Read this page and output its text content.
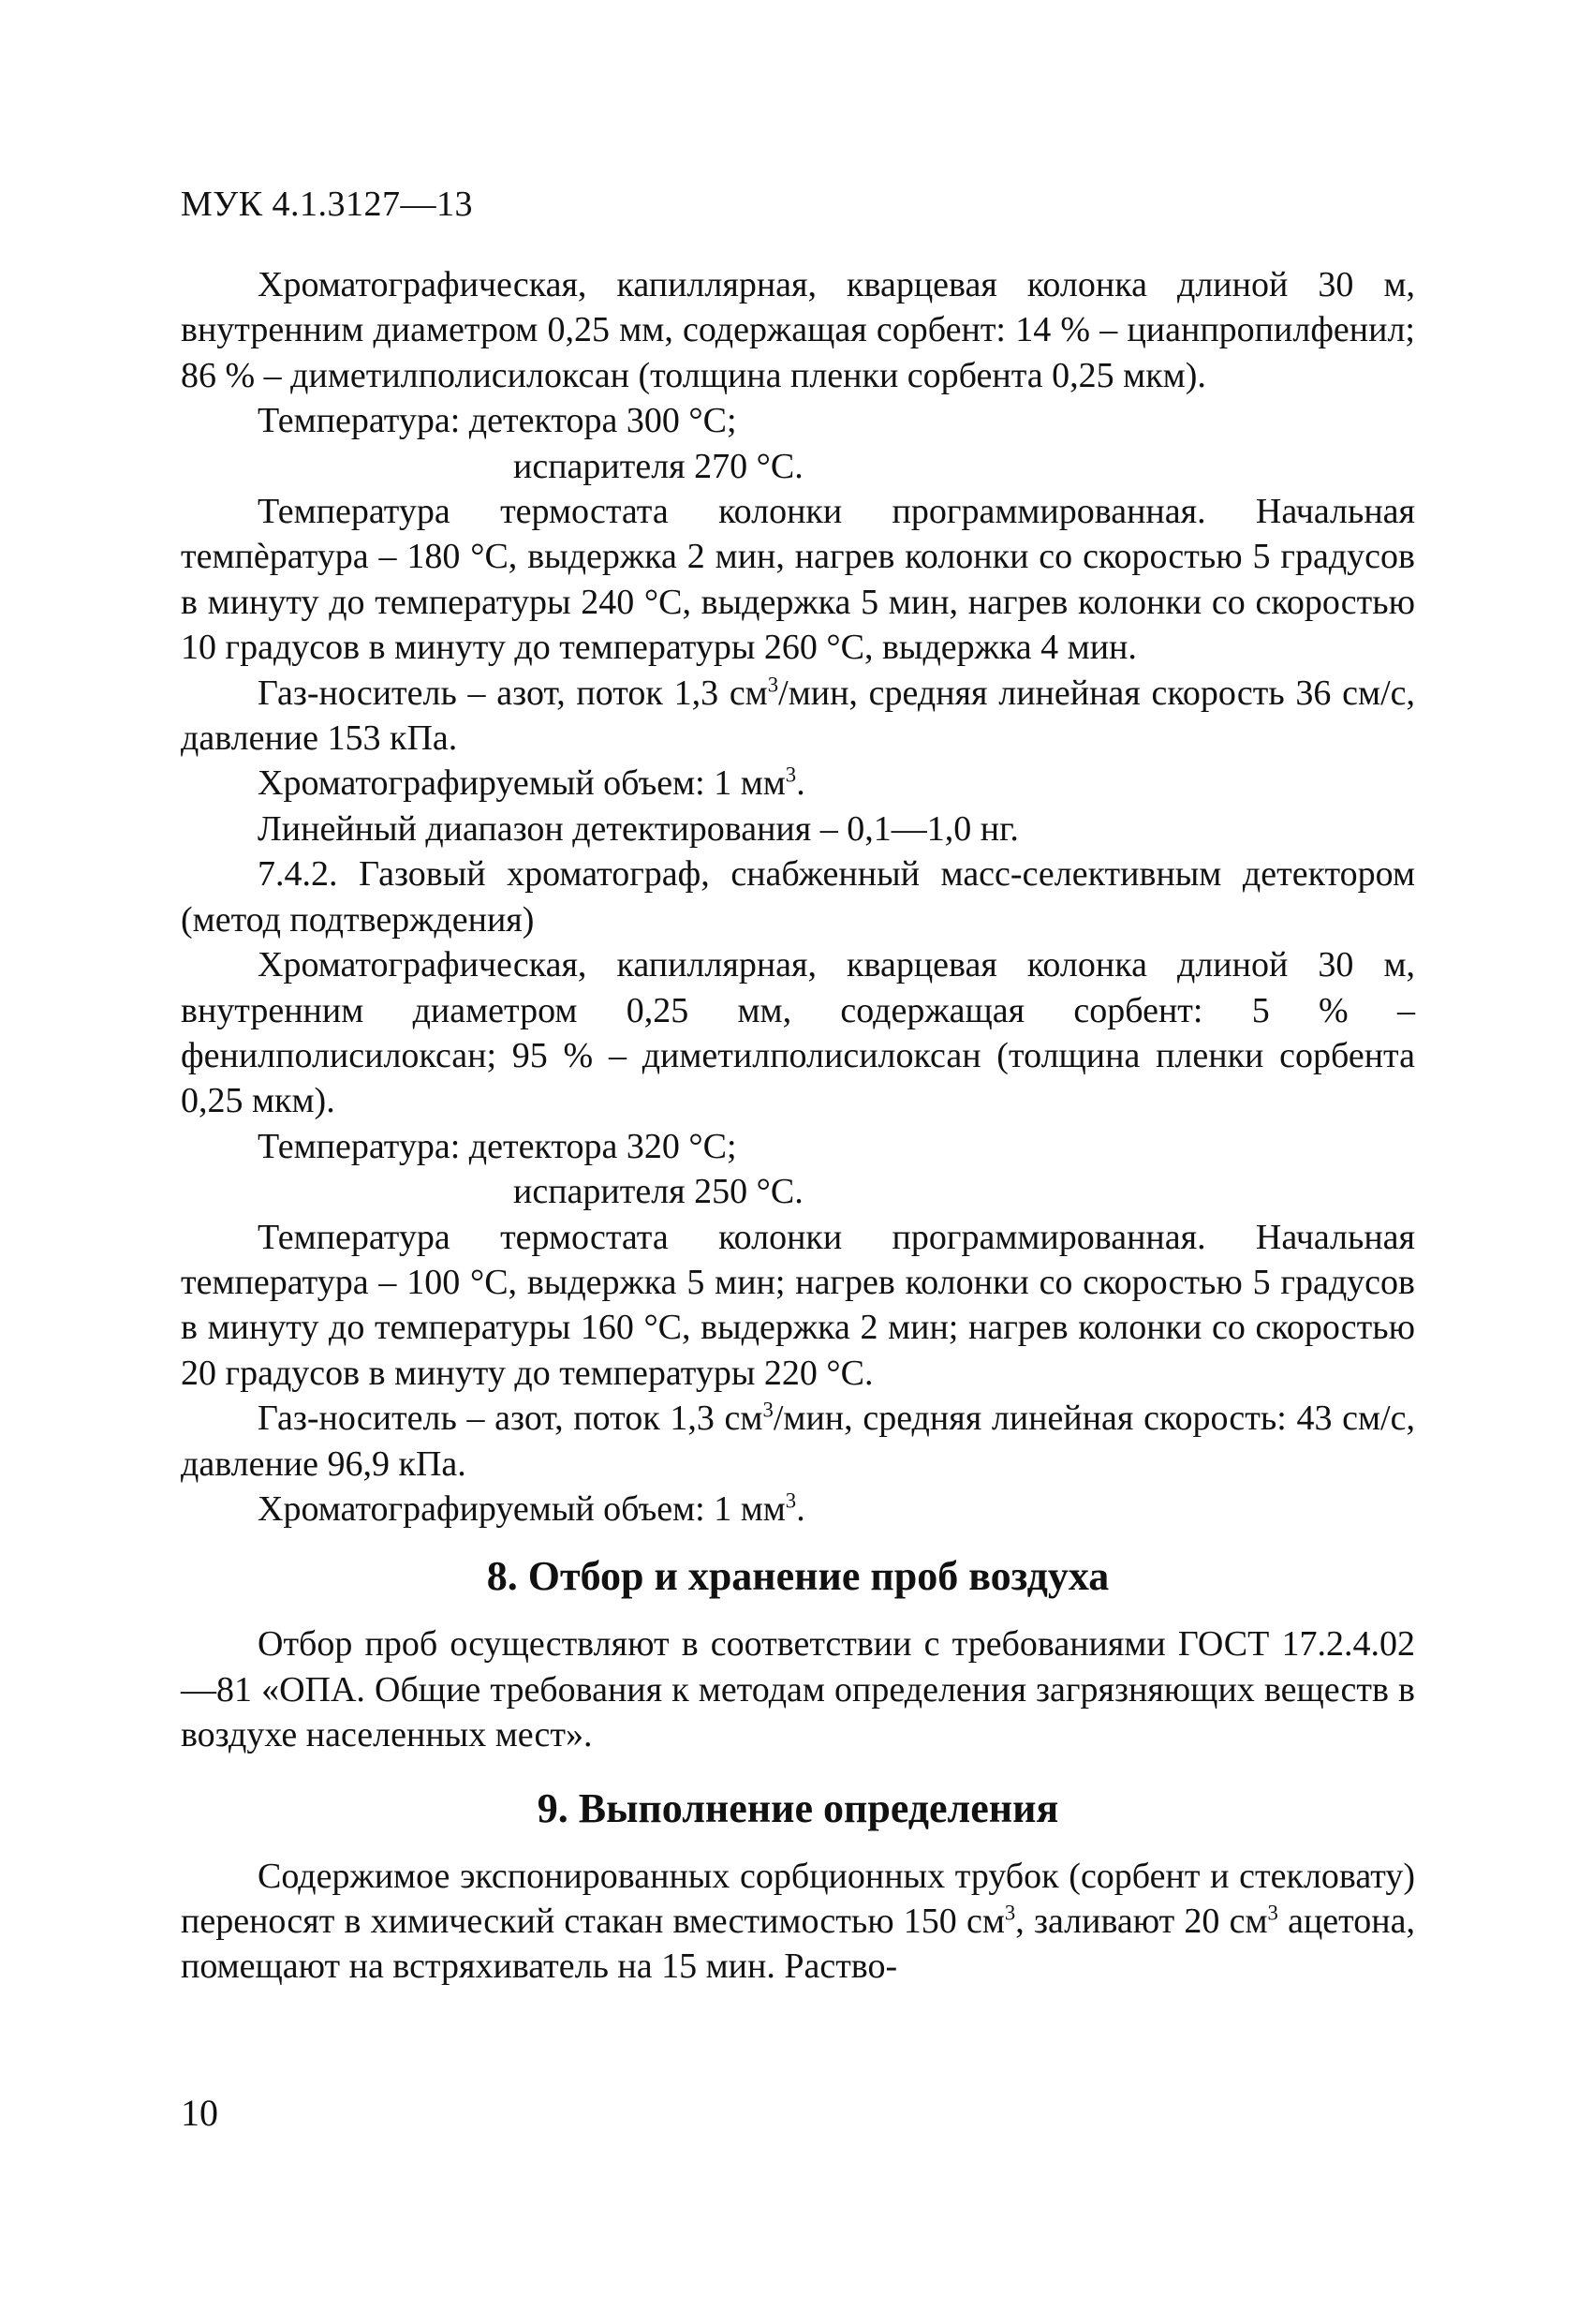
МУК 4.1.3127—13

Хроматографическая, капиллярная, кварцевая колонка длиной 30 м, внутренним диаметром 0,25 мм, содержащая сорбент: 14 % – цианпропилфенил; 86 % – диметилполисилоксан (толщина пленки сорбента 0,25 мкм).

Температура: детектора 300 °С;

испарителя 270 °С.

Температура термостата колонки программированная. Начальная темпèратура – 180 °С, выдержка 2 мин, нагрев колонки со скоростью 5 градусов в минуту до температуры 240 °С, выдержка 5 мин, нагрев колонки со скоростью 10 градусов в минуту до температуры 260 °С, выдержка 4 мин.

Газ-носитель – азот, поток 1,3 $см^3$/мин, средняя линейная скорость 36 см/с, давление 153 кПа.

Хроматографируемый объем: 1 $мм^3$.

Линейный диапазон детектирования – 0,1—1,0 нг.

7.4.2. Газовый хроматограф, снабженный масс-селективным детектором (метод подтверждения)

Хроматографическая, капиллярная, кварцевая колонка длиной 30 м, внутренним диаметром 0,25 мм, содержащая сорбент: 5 % – фенилполисилоксан; 95 % – диметилполисилоксан (толщина пленки сорбента 0,25 мкм).

Температура: детектора 320 °С;

испарителя 250 °С.

Температура термостата колонки программированная. Начальная температура – 100 °С, выдержка 5 мин; нагрев колонки со скоростью 5 градусов в минуту до температуры 160 °С, выдержка 2 мин; нагрев колонки со скоростью 20 градусов в минуту до температуры 220 °С.

Газ-носитель – азот, поток 1,3 $см^3$/мин, средняя линейная скорость: 43 см/с, давление 96,9 кПа.

Хроматографируемый объем: 1 $мм^3$.

8. Отбор и хранение проб воздуха

Отбор проб осуществляют в соответствии с требованиями ГОСТ 17.2.4.02—81 «ОПА. Общие требования к методам определения загрязняющих веществ в воздухе населенных мест».

9. Выполнение определения

Содержимое экспонированных сорбционных трубок (сорбент и стекловату) переносят в химический стакан вместимостью 150 $см^3$, заливают 20 $см^3$ ацетона, помещают на встряхиватель на 15 мин. Раство-

10
